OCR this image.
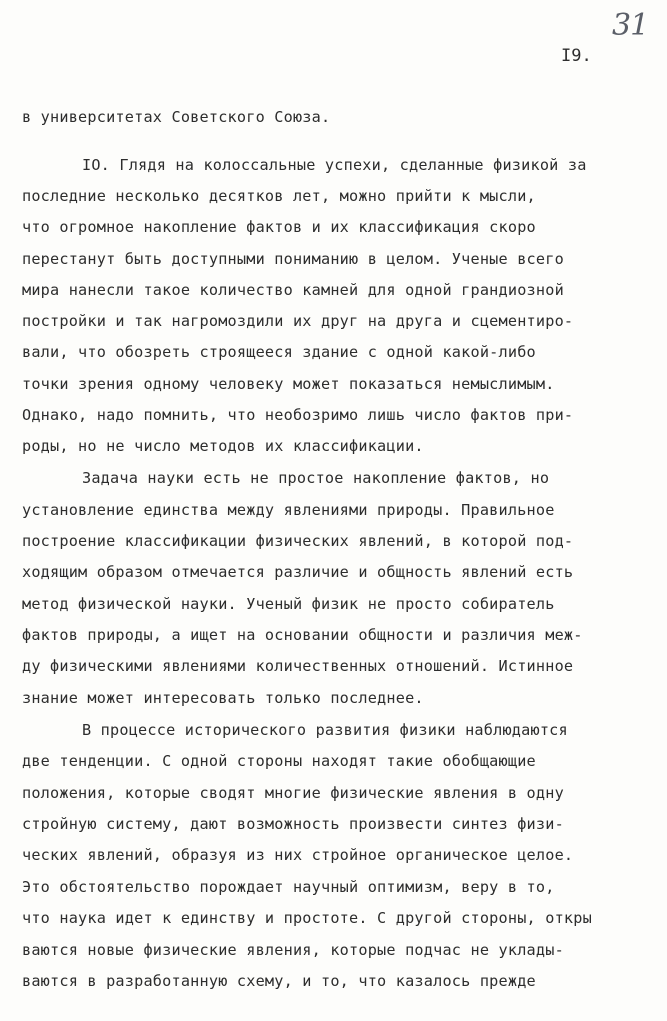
31
I9.
в университетах Советского Союза.
IO. Глядя на колоссальные успехи, сделанные физикой за
последние несколько десятков лет, можно прийти к мысли,
что огромное накопление фактов и их классификация скоро
перестанут быть доступными пониманию в целом. Ученые всего
мира нанесли такое количество камней для одной грандиозной
постройки и так нагромоздили их друг на друга и сцементиро-
вали, что обозреть строящееся здание с одной какой-либо
точки зрения одному человеку может показаться немыслимым.
Однако, надо помнить, что необозримо лишь число фактов при-
роды, но не число методов их классификации.
Задача науки есть не простое накопление фактов, но
установление единства между явлениями природы. Правильное
построение классификации физических явлений, в которой под-
ходящим образом отмечается различие и общность явлений есть
метод физической науки. Ученый физик не просто собиратель
фактов природы, а ищет на основании общности и различия меж-
ду физическими явлениями количественных отношений. Истинное
знание может интересовать только последнее.
В процессе исторического развития физики наблюдаются
две тенденции. С одной стороны находят такие обобщающие
положения, которые сводят многие физические явления в одну
стройную систему, дают возможность произвести синтез физи-
ческих явлений, образуя из них стройное органическое целое.
Это обстоятельство порождает научный оптимизм, веру в то,
что наука идет к единству и простоте. С другой стороны, откры
ваются новые физические явления, которые подчас не уклады-
ваются в разработанную схему, и то, что казалось прежде
